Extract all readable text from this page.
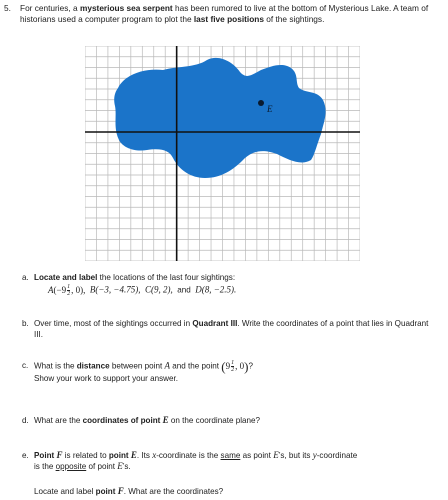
5. For centuries, a mysterious sea serpent has been rumored to live at the bottom of Mysterious Lake. A team of historians used a computer program to plot the last five positions of the sightings.
E
a. Locate and label the locations of the last four sightings:
$A(-9 \frac{1}{2}$ , 0), B(−3, −4.75), C(9, 2), and D(8, −2.5).
b. Over time, most of the sightings occurred in Quadrant III. Write the coordinates of a point that lies in Quadrant III.
c. What is the distance between point A and the point ($9 \frac{1}{2}$ , 0)?
Show your work to support your answer.
d. What are the coordinates of point E on the coordinate plane?
e. Point F is related to point E. Its x-coordinate is the same as point E’s, but its y-coordinate
is the opposite of point E’s.
Locate and label point F. What are the coordinates?
